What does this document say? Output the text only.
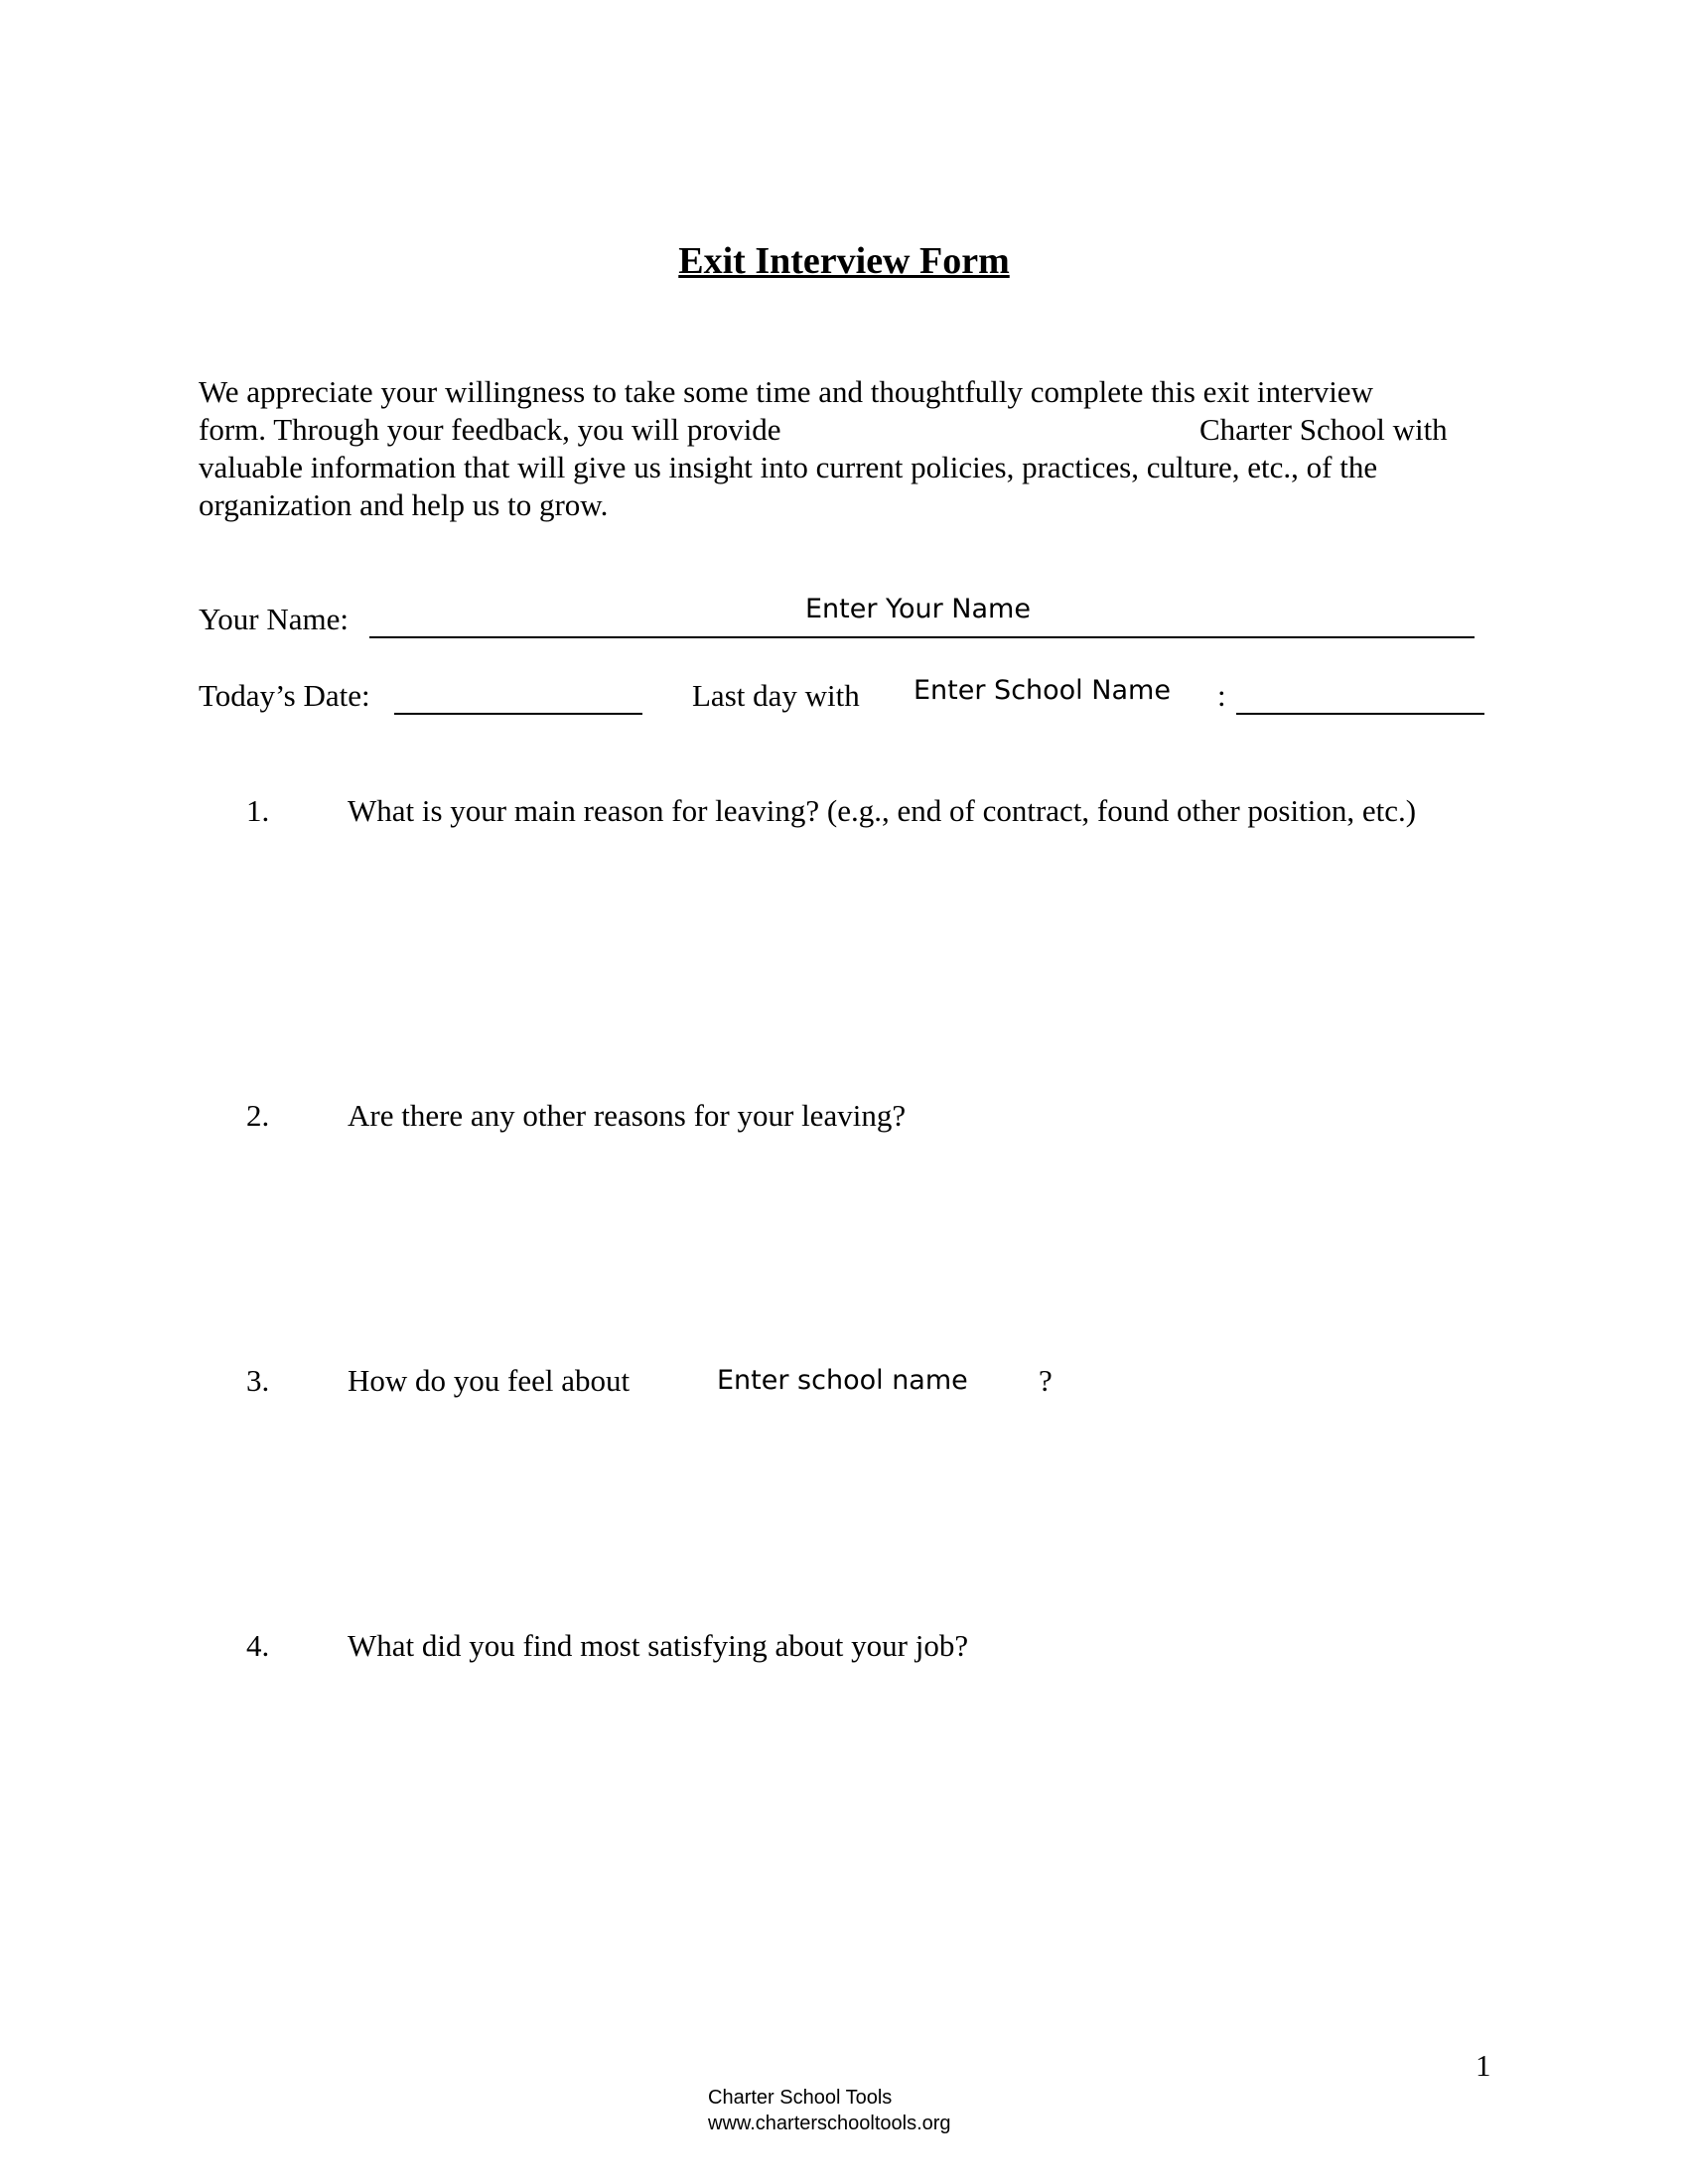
Exit Interview Form
We appreciate your willingness to take some time and thoughtfully complete this exit interview
form. Through your feedback, you will provide	Charter School with
valuable information that will give us insight into current policies, practices, culture, etc., of the
organization and help us to grow.
Your Name:	Enter Your Name
Today’s Date:	Last day with Enter School Name :
1.	What is your main reason for leaving? (e.g., end of contract, found other position, etc.)
2.	Are there any other reasons for your leaving?
3.	How do you feel about	Enter school name ?
4.	What did you find most satisfying about your job?
1
Charter School Tools
www.charterschooltools.org
